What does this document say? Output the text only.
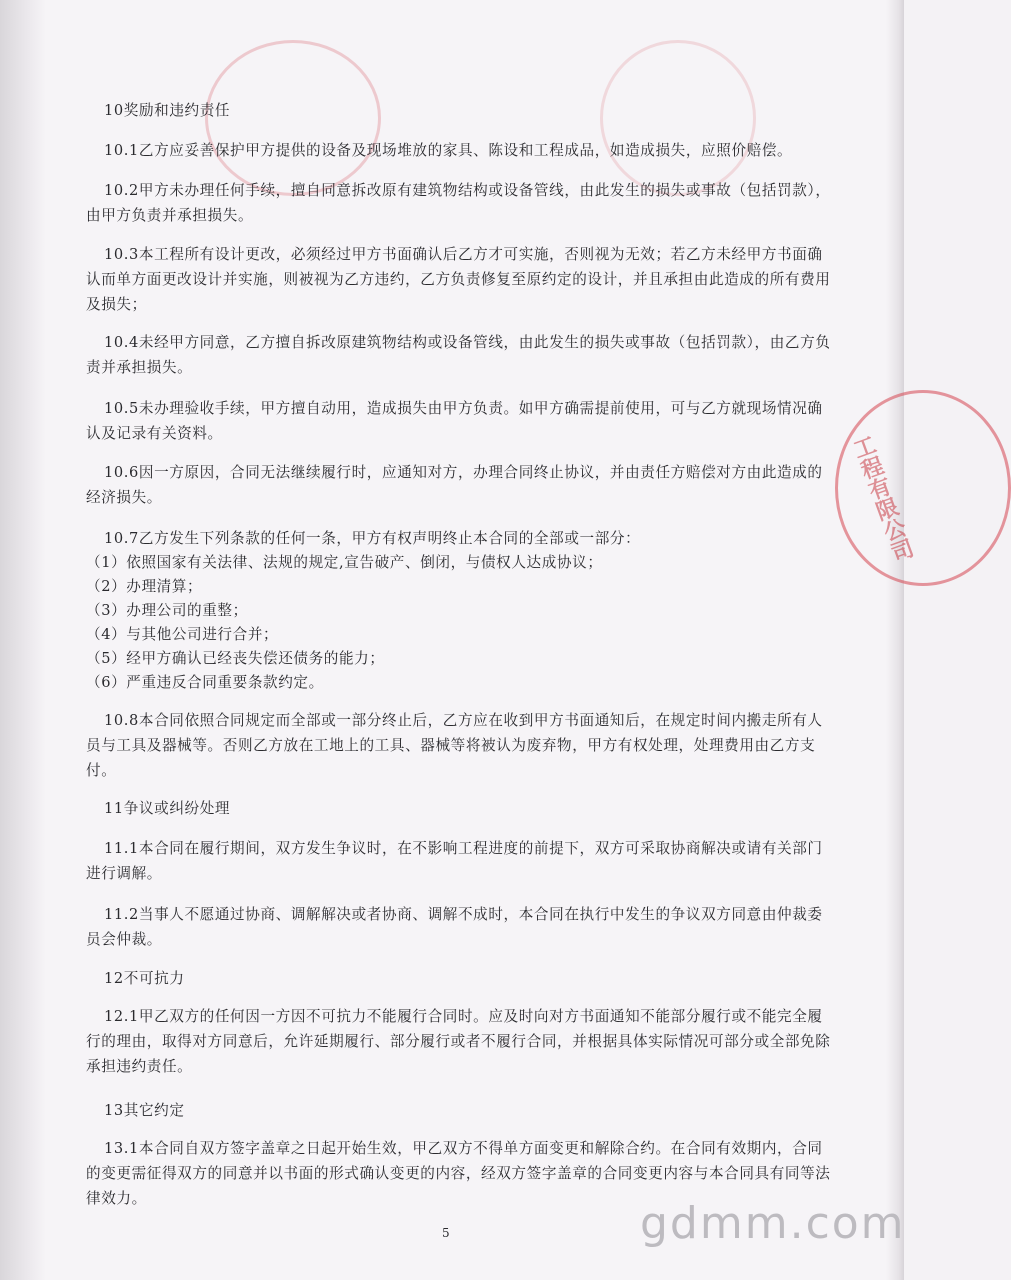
工程有限公司
10奖励和违约责任

10.1乙方应妥善保护甲方提供的设备及现场堆放的家具、陈设和工程成品，如造成损失，应照价赔偿。

10.2甲方未办理任何手续，擅自同意拆改原有建筑物结构或设备管线，由此发生的损失或事故（包括罚款），由甲方负责并承担损失。

10.3本工程所有设计更改，必须经过甲方书面确认后乙方才可实施，否则视为无效；若乙方未经甲方书面确认而单方面更改设计并实施，则被视为乙方违约，乙方负责修复至原约定的设计，并且承担由此造成的所有费用及损失；

10.4未经甲方同意，乙方擅自拆改原建筑物结构或设备管线，由此发生的损失或事故（包括罚款），由乙方负责并承担损失。

10.5未办理验收手续，甲方擅自动用，造成损失由甲方负责。如甲方确需提前使用，可与乙方就现场情况确认及记录有关资料。

10.6因一方原因，合同无法继续履行时，应通知对方，办理合同终止协议，并由责任方赔偿对方由此造成的经济损失。

10.7乙方发生下列条款的任何一条，甲方有权声明终止本合同的全部或一部分：

（1）依照国家有关法律、法规的规定,宣告破产、倒闭，与债权人达成协议；
（2）办理清算；
（3）办理公司的重整；
（4）与其他公司进行合并；
（5）经甲方确认已经丧失偿还债务的能力；
（6）严重违反合同重要条款约定。

10.8本合同依照合同规定而全部或一部分终止后，乙方应在收到甲方书面通知后，在规定时间内搬走所有人员与工具及器械等。否则乙方放在工地上的工具、器械等将被认为废弃物，甲方有权处理，处理费用由乙方支付。

11争议或纠纷处理

11.1本合同在履行期间，双方发生争议时，在不影响工程进度的前提下，双方可采取协商解决或请有关部门进行调解。

11.2当事人不愿通过协商、调解解决或者协商、调解不成时，本合同在执行中发生的争议双方同意由仲裁委员会仲裁。

12不可抗力

12.1甲乙双方的任何因一方因不可抗力不能履行合同时。应及时向对方书面通知不能部分履行或不能完全履行的理由，取得对方同意后，允许延期履行、部分履行或者不履行合同，并根据具体实际情况可部分或全部免除承担违约责任。

13其它约定

13.1本合同自双方签字盖章之日起开始生效，甲乙双方不得单方面变更和解除合约。在合同有效期内，合同的变更需征得双方的同意并以书面的形式确认变更的内容，经双方签字盖章的合同变更内容与本合同具有同等法律效力。

5	gdmm.com
